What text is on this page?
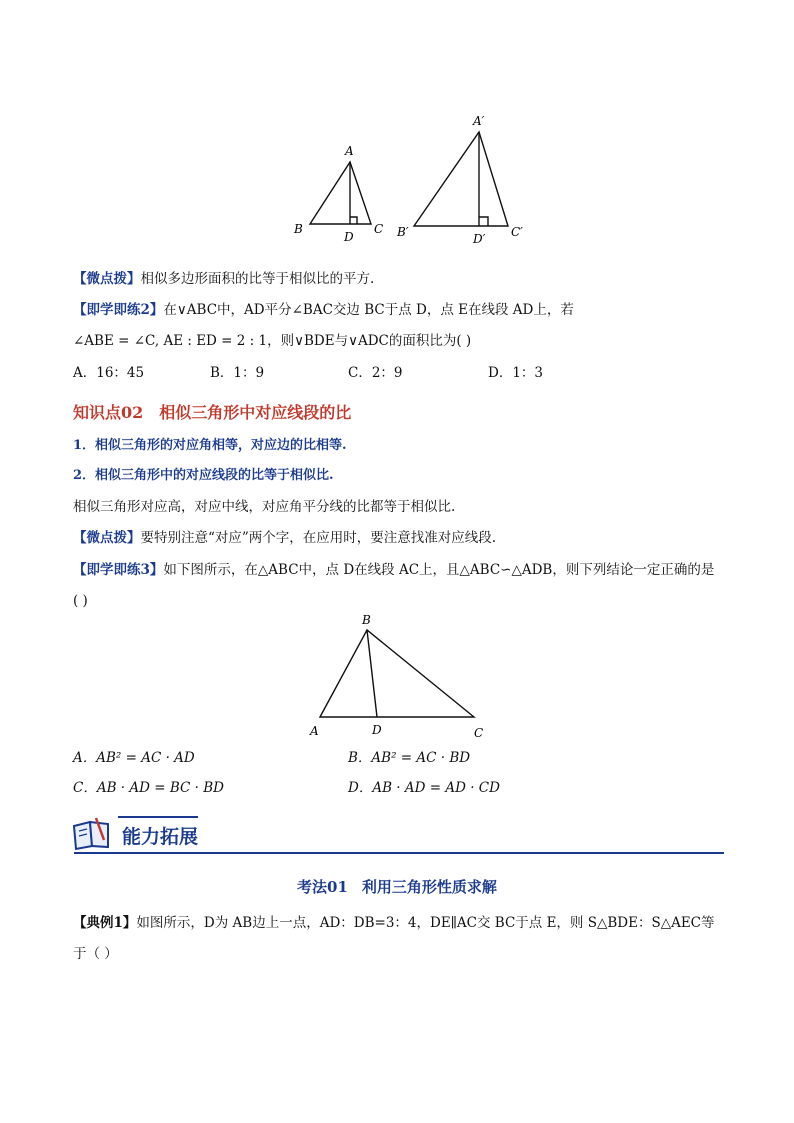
A
B	C
D
A′
B′	C′
D′
【微点拨】相似多边形面积的比等于相似比的平方.
【即学即练2】在∨ABC中，AD平分∠BAC交边 BC于点 D，点 E在线段 AD上，若
∠ABE = ∠C, AE : ED = 2 : 1，则∨BDE与∨ADC的面积比为( )
A．16：45	B．1：9	C．2：9	D．1：3
知识点02 相似三角形中对应线段的比
1．相似三角形的对应角相等，对应边的比相等.
2．相似三角形中的对应线段的比等于相似比.
相似三角形对应高，对应中线，对应角平分线的比都等于相似比.
【微点拨】要特别注意“对应”两个字，在应用时，要注意找准对应线段.
【即学即练3】如下图所示，在△ABC中，点 D在线段 AC上，且△ABC∽△ADB，则下列结论一定正确的是
( )
B
A	D	C
A．AB² = AC · AD	B．AB² = AC · BD
C．AB · AD = BC · BD	D．AB · AD = AD · CD
能力拓展
考法01 利用三角形性质求解
【典例1】如图所示，D为 AB边上一点，AD：DB=3：4，DE∥AC交 BC于点 E，则 S△BDE：S△AEC等
于（ ）
